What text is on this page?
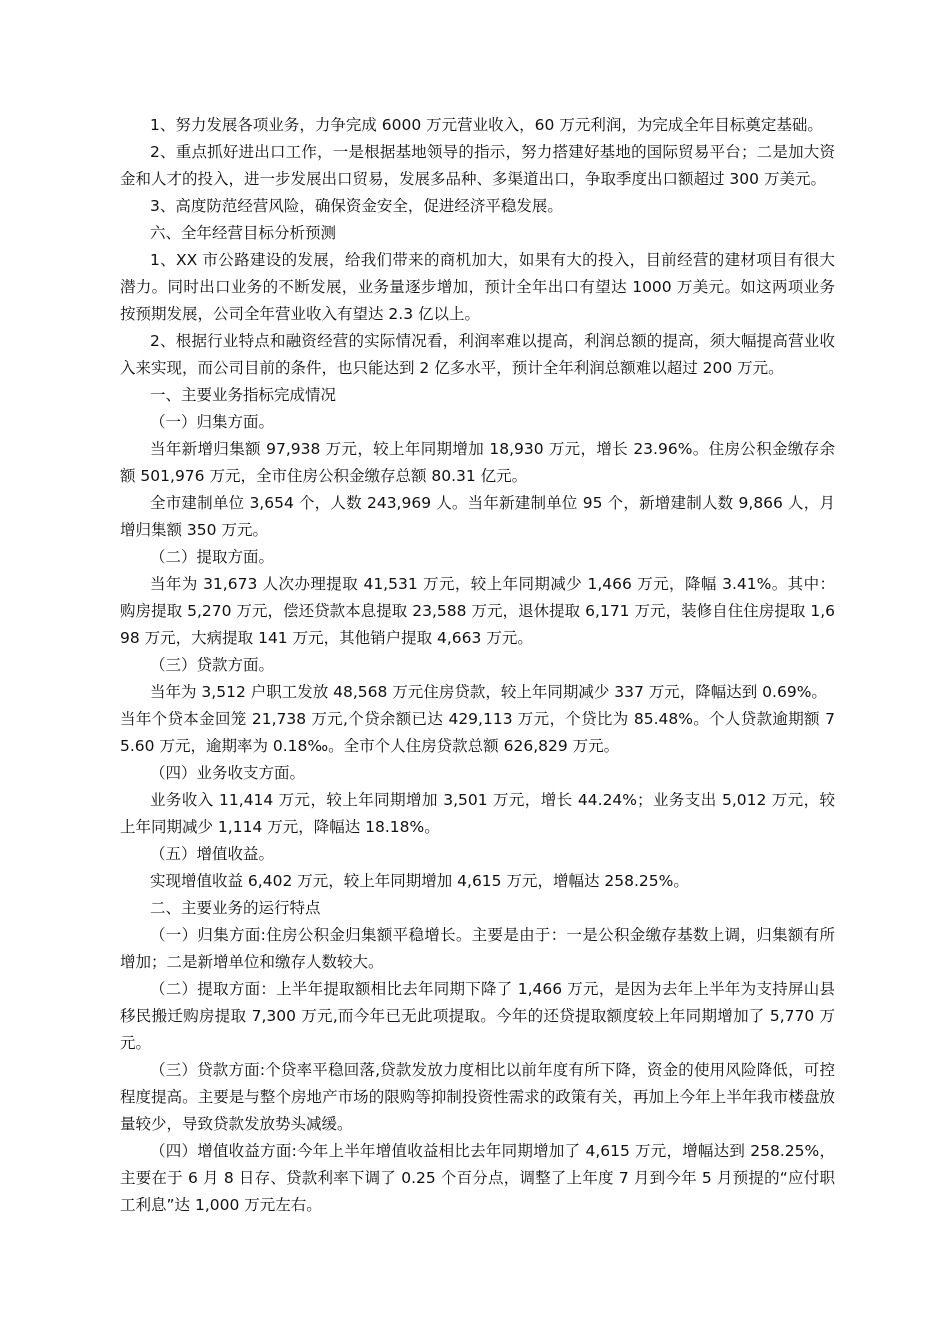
1、努力发展各项业务，力争完成 6000 万元营业收入，60 万元利润，为完成全年目标奠定基础。

2、重点抓好进出口工作，一是根据基地领导的指示，努力搭建好基地的国际贸易平台；二是加大资金和人才的投入，进一步发展出口贸易，发展多品种、多渠道出口，争取季度出口额超过 300 万美元。

3、高度防范经营风险，确保资金安全，促进经济平稳发展。

六、全年经营目标分析预测

1、XX 市公路建设的发展，给我们带来的商机加大，如果有大的投入，目前经营的建材项目有很大潜力。同时出口业务的不断发展，业务量逐步增加，预计全年出口有望达 1000 万美元。如这两项业务按预期发展，公司全年营业收入有望达 2.3 亿以上。

2、根据行业特点和融资经营的实际情况看，利润率难以提高，利润总额的提高，须大幅提高营业收入来实现，而公司目前的条件，也只能达到 2 亿多水平，预计全年利润总额难以超过 200 万元。

一、主要业务指标完成情况

（一）归集方面。

当年新增归集额 97,938 万元，较上年同期增加 18,930 万元，增长 23.96%。住房公积金缴存余额 501,976 万元，全市住房公积金缴存总额 80.31 亿元。

全市建制单位 3,654 个，人数 243,969 人。当年新建制单位 95 个，新增建制人数 9,866 人，月增归集额 350 万元。

（二）提取方面。

当年为 31,673 人次办理提取 41,531 万元，较上年同期减少 1,466 万元，降幅 3.41%。其中：购房提取 5,270 万元，偿还贷款本息提取 23,588 万元，退休提取 6,171 万元，装修自住住房提取 1,698 万元，大病提取 141 万元，其他销户提取 4,663 万元。

（三）贷款方面。

当年为 3,512 户职工发放 48,568 万元住房贷款，较上年同期减少 337 万元，降幅达到 0.69%。

当年个贷本金回笼 21,738 万元,个贷余额已达 429,113 万元，个贷比为 85.48%。个人贷款逾期额 75.60 万元，逾期率为 0.18‰。全市个人住房贷款总额 626,829 万元。

（四）业务收支方面。

业务收入 11,414 万元，较上年同期增加 3,501 万元，增长 44.24%；业务支出 5,012 万元，较上年同期减少 1,114 万元，降幅达 18.18%。

（五）增值收益。

实现增值收益 6,402 万元，较上年同期增加 4,615 万元，增幅达 258.25%。

二、主要业务的运行特点

（一）归集方面:住房公积金归集额平稳增长。主要是由于：一是公积金缴存基数上调，归集额有所增加；二是新增单位和缴存人数较大。

（二）提取方面：上半年提取额相比去年同期下降了 1,466 万元，是因为去年上半年为支持屏山县移民搬迁购房提取 7,300 万元,而今年已无此项提取。今年的还贷提取额度较上年同期增加了 5,770 万元。

（三）贷款方面:个贷率平稳回落,贷款发放力度相比以前年度有所下降，资金的使用风险降低，可控程度提高。主要是与整个房地产市场的限购等抑制投资性需求的政策有关，再加上今年上半年我市楼盘放量较少，导致贷款发放势头减缓。

（四）增值收益方面:今年上半年增值收益相比去年同期增加了 4,615 万元，增幅达到 258.25%，主要在于 6 月 8 日存、贷款利率下调了 0.25 个百分点，调整了上年度 7 月到今年 5 月预提的“应付职工利息”达 1,000 万元左右。
